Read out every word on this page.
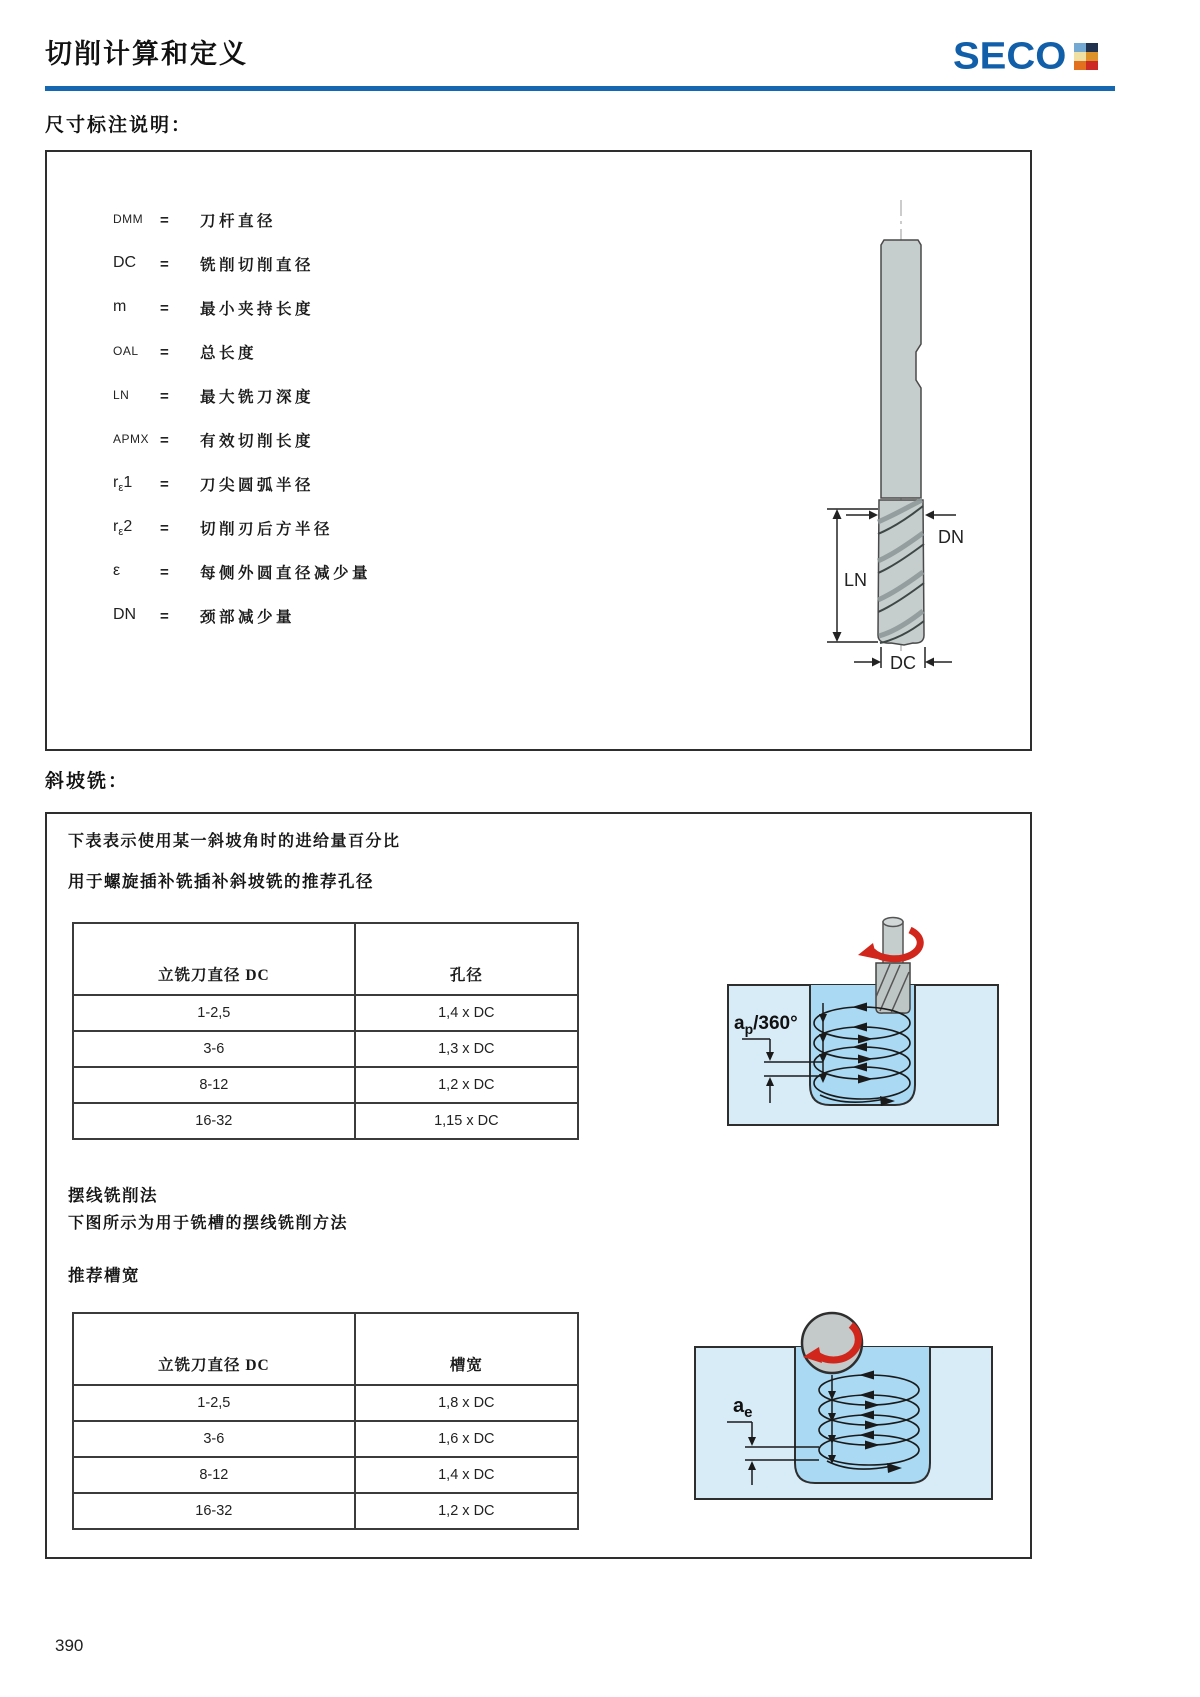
切削计算和定义	SECO
尺寸标注说明：
DMM	=	刀杆直径
DC	=	铣削切削直径
m	=	最小夹持长度
OAL	=	总长度
LN	=	最大铣刀深度
APMX =	有效切削长度
$r_\varepsilon 1$	=	刀尖圆弧半径
$r_\varepsilon 2$	=	切削刃后方半径
ε	=	每侧外圆直径减少量
DN	=	颈部减少量
DN
LN
DC
斜坡铣：
下表表示使用某一斜坡角时的进给量百分比
用于螺旋插补铣插补斜坡铣的推荐孔径
立铣刀直径 DC	孔径
1-2,5	1,4 x DC
3-6	1,3 x DC
8-12	1,2 x DC
16-32	1,15 x DC
$a_p/360^\circ$
摆线铣削法
下图所示为用于铣槽的摆线铣削方法
推荐槽宽
立铣刀直径 DC	槽宽
1-2,5	1,8 x DC
3-6	1,6 x DC
8-12	1,4 x DC
16-32	1,2 x DC
$a_e$
390
